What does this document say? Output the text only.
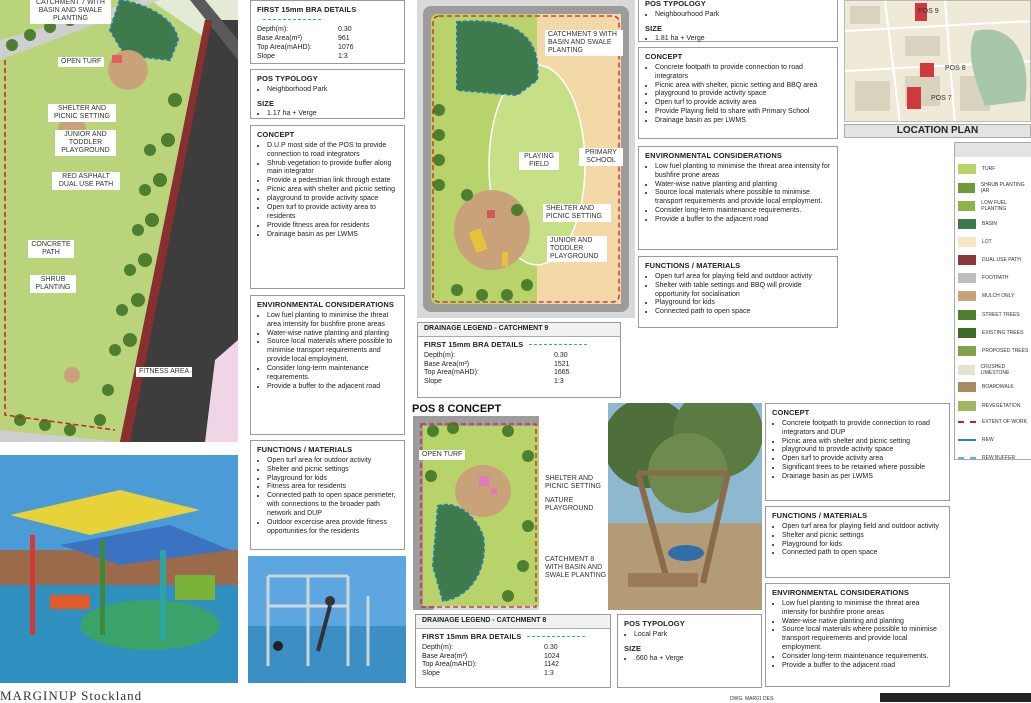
CATCHMENT 7 WITH BASIN AND SWALE PLANTING
OPEN TURF
SHELTER AND PICNIC SETTING
JUNIOR AND TODDLER PLAYGROUND
RED ASPHALT DUAL USE PATH
CONCRETE PATH
SHRUB PLANTING
FITNESS AREA
FIRST 15mm BRA DETAILS
Depth(m):	0.30
Base Area(m²)	961
Top Area(mAHD):	1076
Slope	1:3
POS TYPOLOGY
• Neighborhood Park
SIZE
• 1.17 ha + Verge
CONCEPT
• D.U.P most side of the POS to provide connection to road integrators
• Shrub vegetation to provide buffer along main integrator
• Provide a pedestrian link through estate
• Picnic area with shelter and picnic setting
• playground to provide activity space
• Open turf to provide activity area to residents
• Provide fitness area for residents
• Drainage basin as per LWMS
ENVIRONMENTAL CONSIDERATIONS
• Low fuel planting to minimise the threat area intensity for bushfire prone areas
• Water-wise native planting and planting
• Source local materials where possible to minimise transport requirements and provide local employment.
• Consider long-term maintenance requirements.
• Provide a buffer to the adjacent road
FUNCTIONS / MATERIALS
• Open turf area for outdoor activity
• Shelter and picnic settings
• Playground for kids
• Fitness area for residents
• Connected path to open space perimeter, with connections to the broader path network and DUP
• Outdoor excercise area provide fitness opportunities for the residents
CATCHMENT 9 WITH BASIN AND SWALE PLANTING
PLAYING FIELD
PRIMARY SCHOOL
SHELTER AND PICNIC SETTING
JUNIOR AND TODDLER PLAYGROUND
POS TYPOLOGY
• Neighbourhood Park
SIZE
• 1.81 ha + Verge
CONCEPT
• Concrete footpath to provide connection to road integrators
• Picnic area with shelter, picnic setting and BBQ area
• playground to provide activity space
• Open turf to provide activity area
• Provide Playing field to share with Primary School
• Drainage basin as per LWMS
ENVIRONMENTAL CONSIDERATIONS
• Low fuel planting to minimise the threat area intensity for bushfire prone areas
• Water-wise native planting and planting
• Source local materials where possible to minimise transport requirements and provide local employment.
• Consider long-term maintenance requirements.
• Provide a buffer to the adjacent road
FUNCTIONS / MATERIALS
• Open turf area for playing field and outdoor activity
• Shelter with table settings and BBQ will provide opportunity for socialisation
• Playground for kids
• Connected path to open space
DRAINAGE LEGEND - CATCHMENT 9
FIRST 15mm BRA DETAILS
Depth(m):	0.30
Base Area(m²)	1521
Top Area(mAHD):	1665
Slope	1:3
POS 8 CONCEPT
OPEN TURF
SHELTER AND PICNIC SETTING
NATURE PLAYGROUND
CATCHMENT 8 WITH BASIN AND SWALE PLANTING
DRAINAGE LEGEND - CATCHMENT 8
FIRST 15mm BRA DETAILS
Depth(m):	0.30
Base Area(m²)	1024
Top Area(mAHD):	1142
Slope	1:3
POS TYPOLOGY
• Local Park
SIZE
• .660 ha + Verge
CONCEPT
• Concrete footpath to provide connection to road integrators and DUP
• Picnic area with shelter and picnic setting
• playground to provide activity space
• Open turf to provide activity area
• Significant trees to be retained where possible
• Drainage basin as per LWMS
FUNCTIONS / MATERIALS
• Open turf area for playing field and outdoor activity
• Shelter and picnic settings
• Playground for kids
• Connected path to open space
ENVIRONMENTAL CONSIDERATIONS
• Low fuel planting to minimise the threat area intensity for bushfire prone areas
• Water-wise native planting and planting
• Source local materials where possible to minimise transport requirements and provide local employment.
• Consider long-term maintenance requirements.
• Provide a buffer to the adjacent road
POS 9
POS 8
POS 7
LOCATION PLAN
TURF
SHRUB PLANTING (AR
LOW FUEL PLANTING
BASIN
LOT
DUAL USE PATH
FOOTPATH
MULCH ONLY
STREET TREES
EXISTING TREES
PROPOSED TREES
CRUSHED LIMESTONE
BOARDWALK
REVEGETATION
EXTENT OF WORK
REW
REW BUFFER
MARGINUP Stockland	DWG. MAR01 DES
